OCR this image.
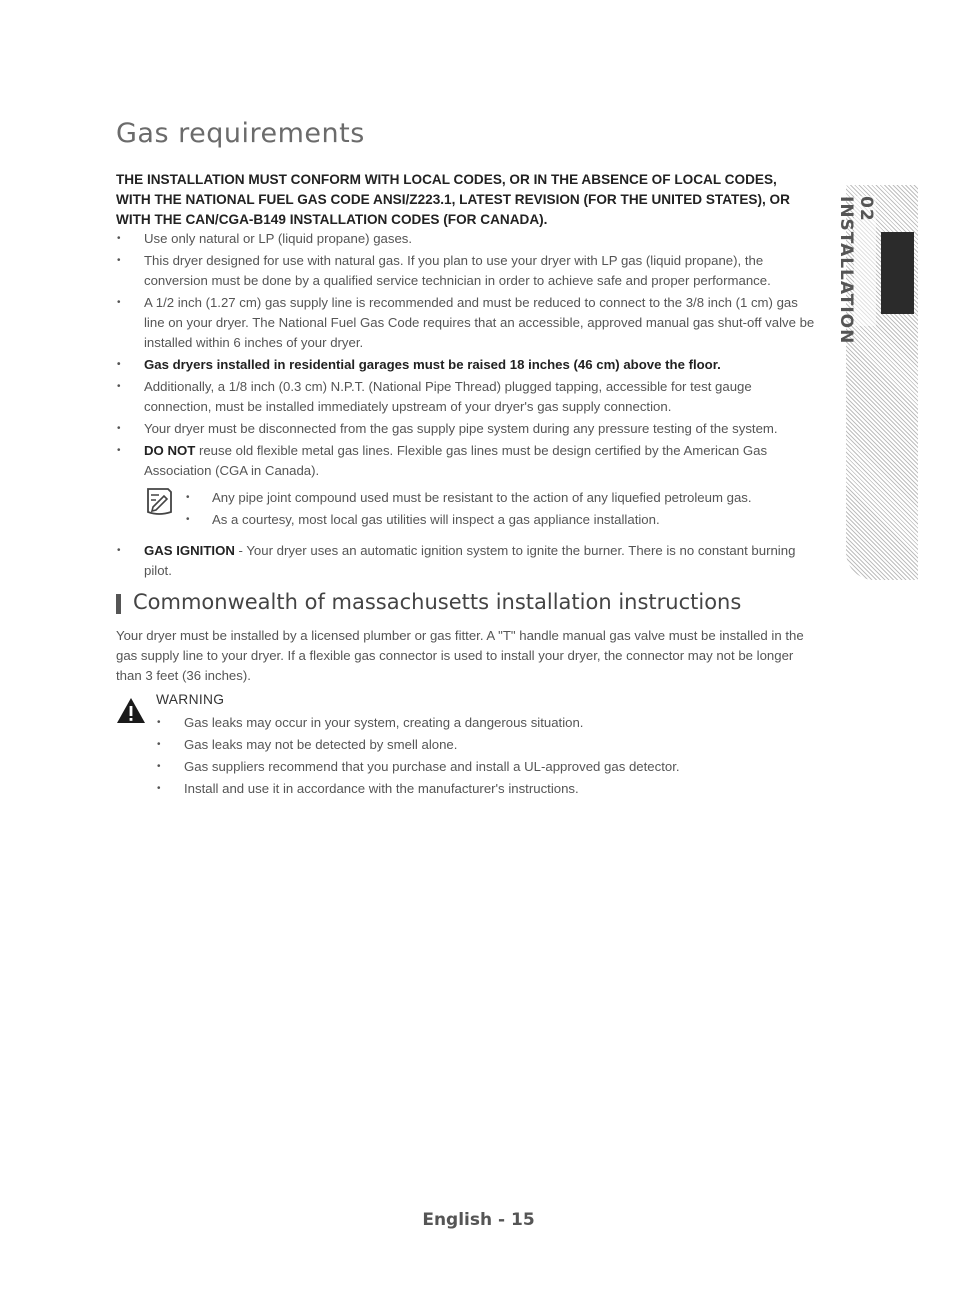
Gas requirements

THE INSTALLATION MUST CONFORM WITH LOCAL CODES, OR IN THE ABSENCE OF LOCAL CODES, WITH THE NATIONAL FUEL GAS CODE ANSI/Z223.1, LATEST REVISION (FOR THE UNITED STATES), OR WITH THE CAN/CGA-B149 INSTALLATION CODES (FOR CANADA).

• Use only natural or LP (liquid propane) gases.
• This dryer designed for use with natural gas. If you plan to use your dryer with LP gas (liquid propane), the conversion must be done by a qualified service technician in order to achieve safe and proper performance.
• A 1/2 inch (1.27 cm) gas supply line is recommended and must be reduced to connect to the 3/8 inch (1 cm) gas line on your dryer. The National Fuel Gas Code requires that an accessible, approved manual gas shut-off valve be installed within 6 inches of your dryer.
• Gas dryers installed in residential garages must be raised 18 inches (46 cm) above the floor.
• Additionally, a 1/8 inch (0.3 cm) N.P.T. (National Pipe Thread) plugged tapping, accessible for test gauge connection, must be installed immediately upstream of your dryer's gas supply connection.
• Your dryer must be disconnected from the gas supply pipe system during any pressure testing of the system.
• DO NOT reuse old flexible metal gas lines. Flexible gas lines must be design certified by the American Gas Association (CGA in Canada).
• Any pipe joint compound used must be resistant to the action of any liquefied petroleum gas.
• As a courtesy, most local gas utilities will inspect a gas appliance installation.
• GAS IGNITION - Your dryer uses an automatic ignition system to ignite the burner. There is no constant burning pilot.
Commonwealth of massachusetts installation instructions

Your dryer must be installed by a licensed plumber or gas fitter. A "T" handle manual gas valve must be installed in the gas supply line to your dryer. If a flexible gas connector is used to install your dryer, the connector may not be longer than 3 feet (36 inches).

WARNING
• Gas leaks may occur in your system, creating a dangerous situation.
• Gas leaks may not be detected by smell alone.
• Gas suppliers recommend that you purchase and install a UL-approved gas detector.
• Install and use it in accordance with the manufacturer's instructions.
02 INSTALLATION

English - 15
